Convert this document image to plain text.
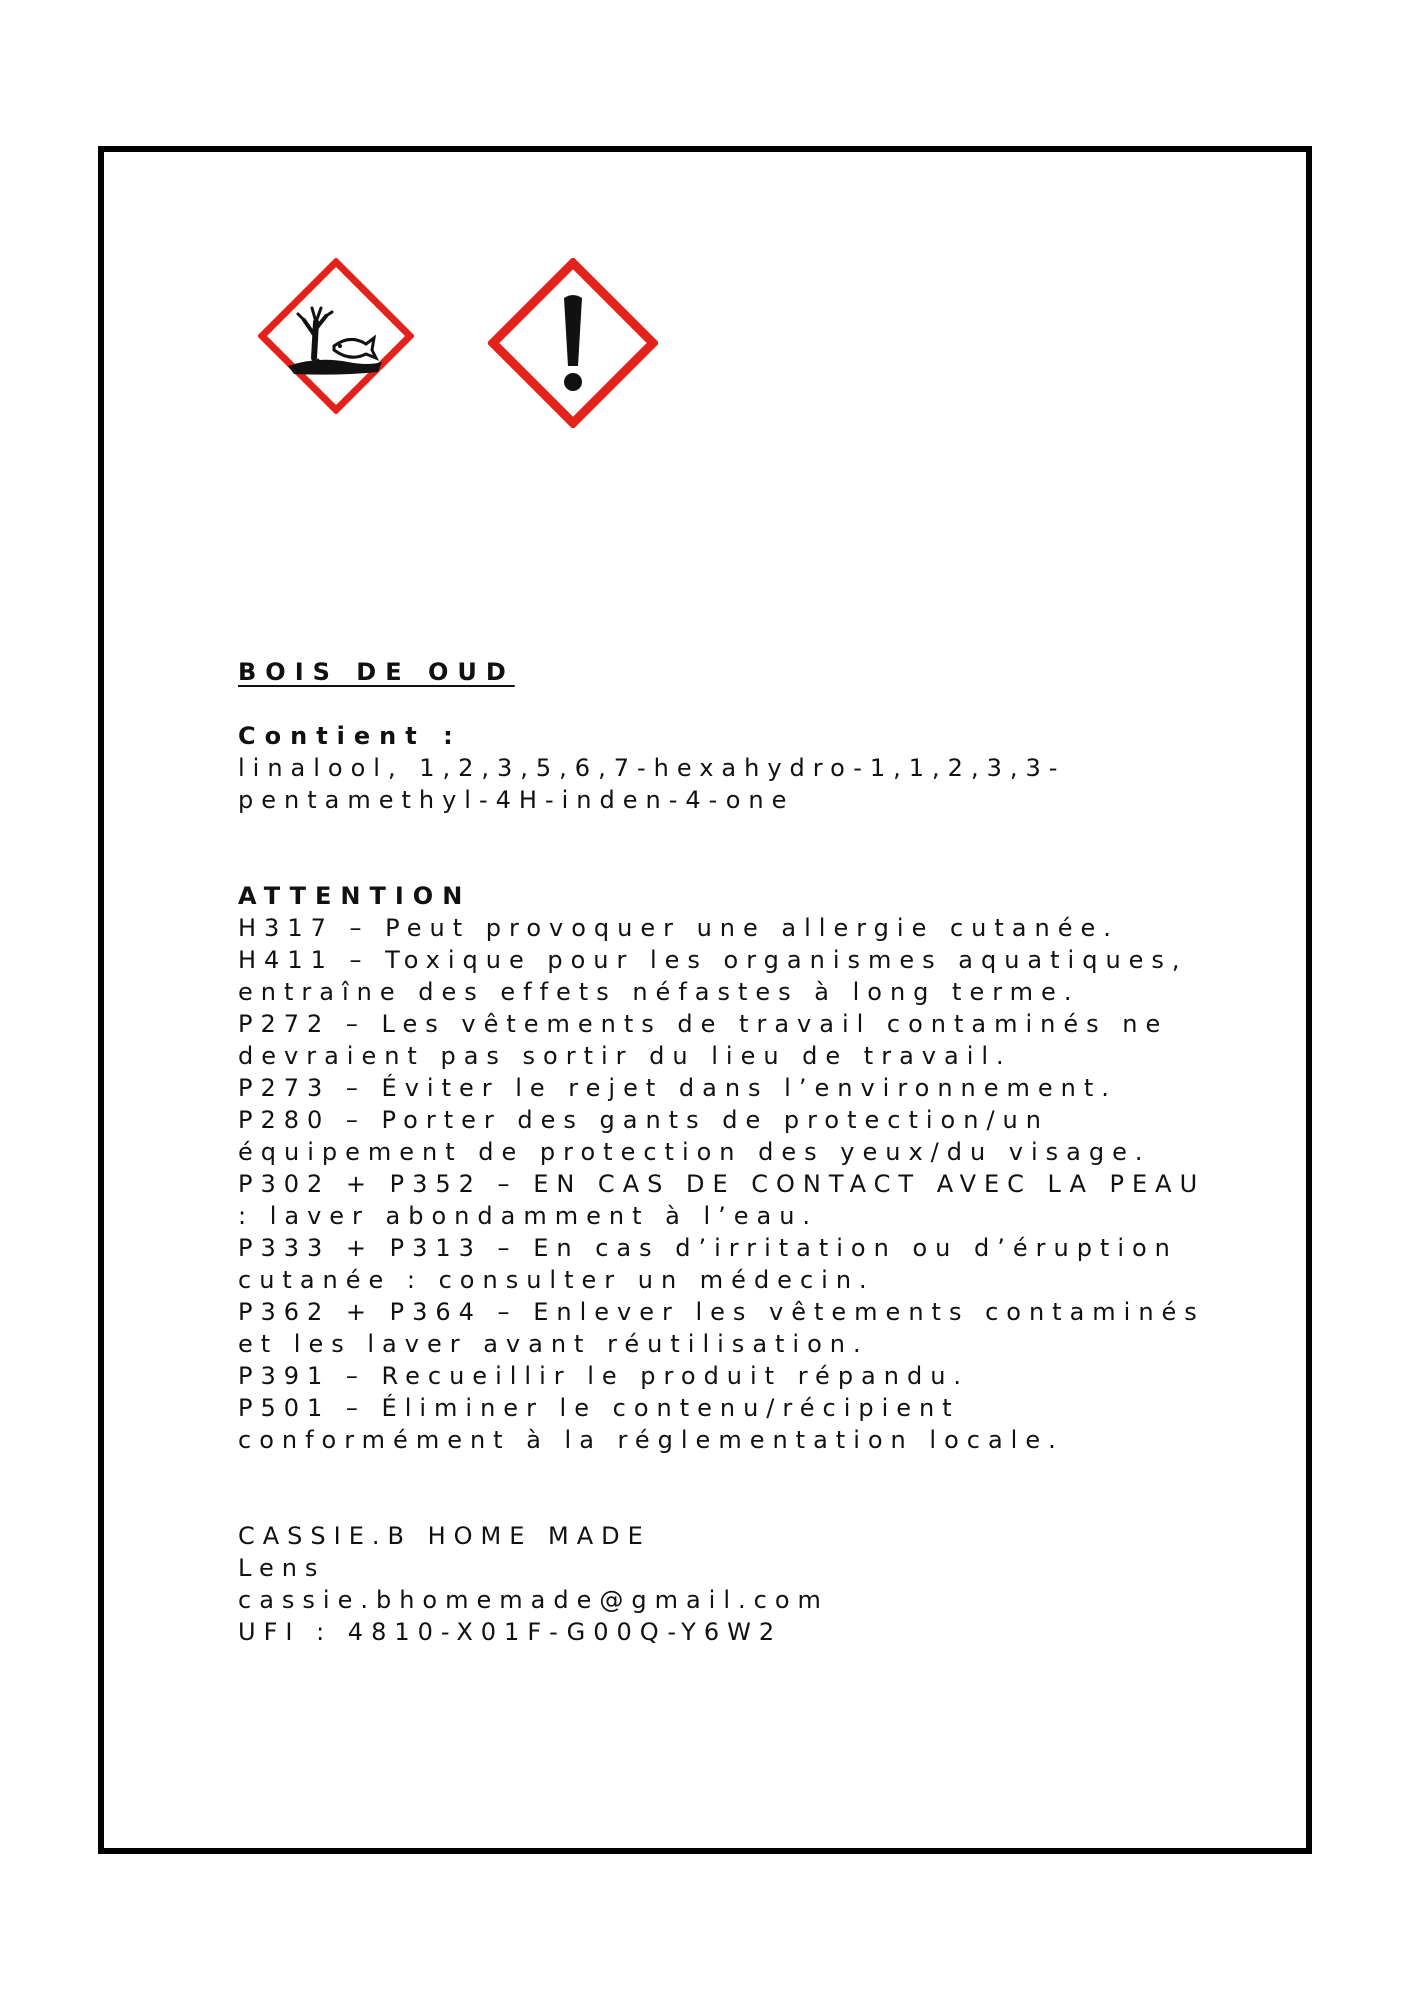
BOIS DE OUD
Contient :
linalool, 1,2,3,5,6,7-hexahydro-1,1,2,3,3-
pentamethyl-4H-inden-4-one
ATTENTION
H317 – Peut provoquer une allergie cutanée.
H411 – Toxique pour les organismes aquatiques,
entraîne des effets néfastes à long terme.
P272 – Les vêtements de travail contaminés ne
devraient pas sortir du lieu de travail.
P273 – Éviter le rejet dans l’environnement.
P280 – Porter des gants de protection/un
équipement de protection des yeux/du visage.
P302 + P352 – EN CAS DE CONTACT AVEC LA PEAU
: laver abondamment à l’eau.
P333 + P313 – En cas d’irritation ou d’éruption
cutanée : consulter un médecin.
P362 + P364 – Enlever les vêtements contaminés
et les laver avant réutilisation.
P391 – Recueillir le produit répandu.
P501 – Éliminer le contenu/récipient
conformément à la réglementation locale.
CASSIE.B HOME MADE
Lens
cassie.bhomemade@gmail.com
UFI : 4810-X01F-G00Q-Y6W2
